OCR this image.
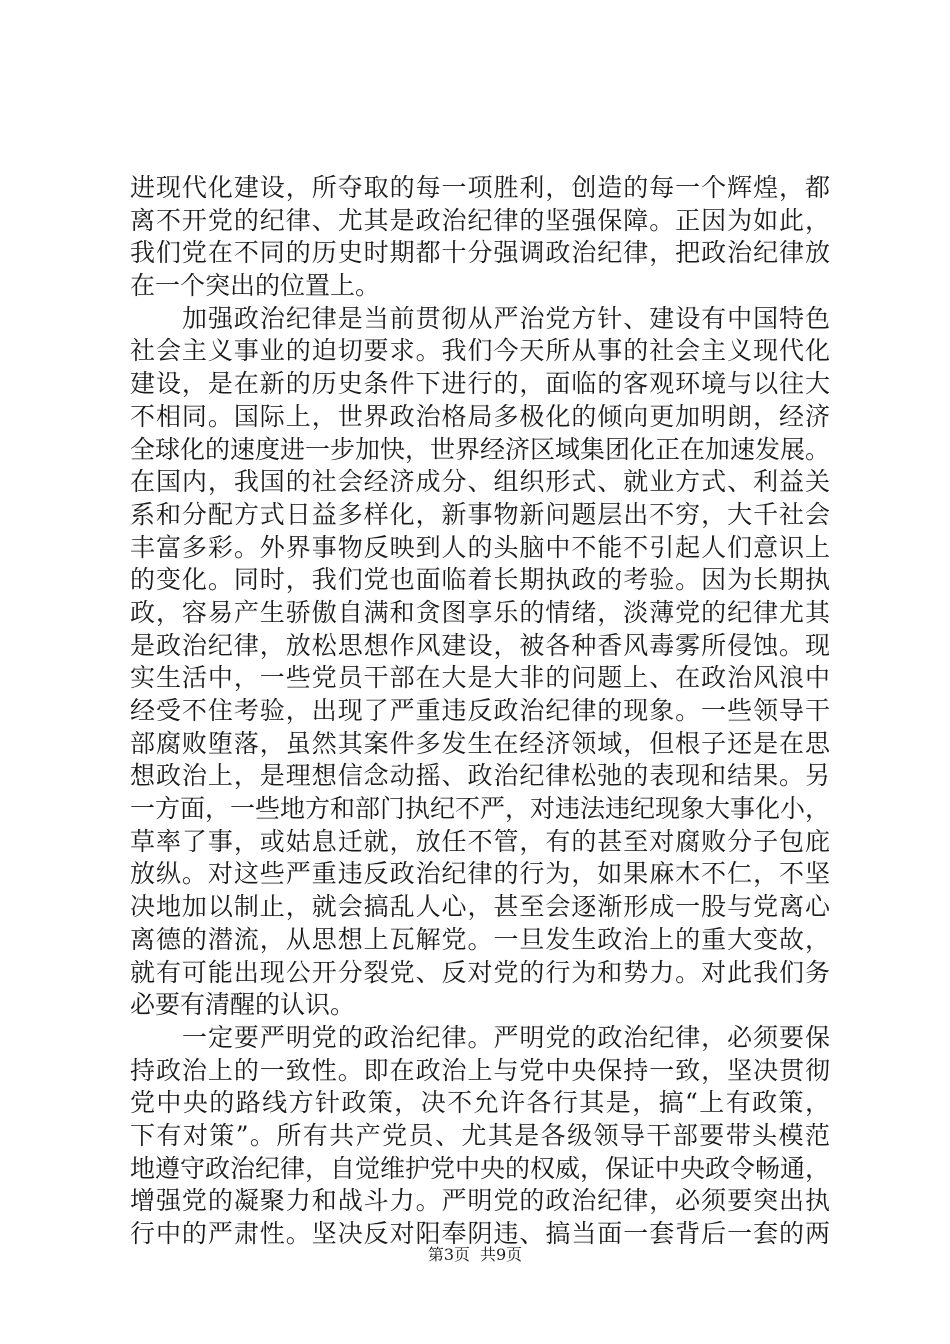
进现代化建设，所夺取的每一项胜利，创造的每一个辉煌，都
离不开党的纪律、尤其是政治纪律的坚强保障。正因为如此，
我们党在不同的历史时期都十分强调政治纪律，把政治纪律放
在一个突出的位置上。
加强政治纪律是当前贯彻从严治党方针、建设有中国特色
社会主义事业的迫切要求。我们今天所从事的社会主义现代化
建设，是在新的历史条件下进行的，面临的客观环境与以往大
不相同。国际上，世界政治格局多极化的倾向更加明朗，经济
全球化的速度进一步加快，世界经济区域集团化正在加速发展。
在国内，我国的社会经济成分、组织形式、就业方式、利益关
系和分配方式日益多样化，新事物新问题层出不穷，大千社会
丰富多彩。外界事物反映到人的头脑中不能不引起人们意识上
的变化。同时，我们党也面临着长期执政的考验。因为长期执
政，容易产生骄傲自满和贪图享乐的情绪，淡薄党的纪律尤其
是政治纪律，放松思想作风建设，被各种香风毒雾所侵蚀。现
实生活中，一些党员干部在大是大非的问题上、在政治风浪中
经受不住考验，出现了严重违反政治纪律的现象。一些领导干
部腐败堕落，虽然其案件多发生在经济领域，但根子还是在思
想政治上，是理想信念动摇、政治纪律松弛的表现和结果。另
一方面，一些地方和部门执纪不严，对违法违纪现象大事化小，
草率了事，或姑息迁就，放任不管，有的甚至对腐败分子包庇
放纵。对这些严重违反政治纪律的行为，如果麻木不仁，不坚
决地加以制止，就会搞乱人心，甚至会逐渐形成一股与党离心
离德的潜流，从思想上瓦解党。一旦发生政治上的重大变故，
就有可能出现公开分裂党、反对党的行为和势力。对此我们务
必要有清醒的认识。
一定要严明党的政治纪律。严明党的政治纪律，必须要保
持政治上的一致性。即在政治上与党中央保持一致，坚决贯彻
党中央的路线方针政策，决不允许各行其是，搞“上有政策，
下有对策”。所有共产党员、尤其是各级领导干部要带头模范
地遵守政治纪律，自觉维护党中央的权威，保证中央政令畅通，
增强党的凝聚力和战斗力。严明党的政治纪律，必须要突出执
行中的严肃性。坚决反对阳奉阴违、搞当面一套背后一套的两
第3页 共9页
